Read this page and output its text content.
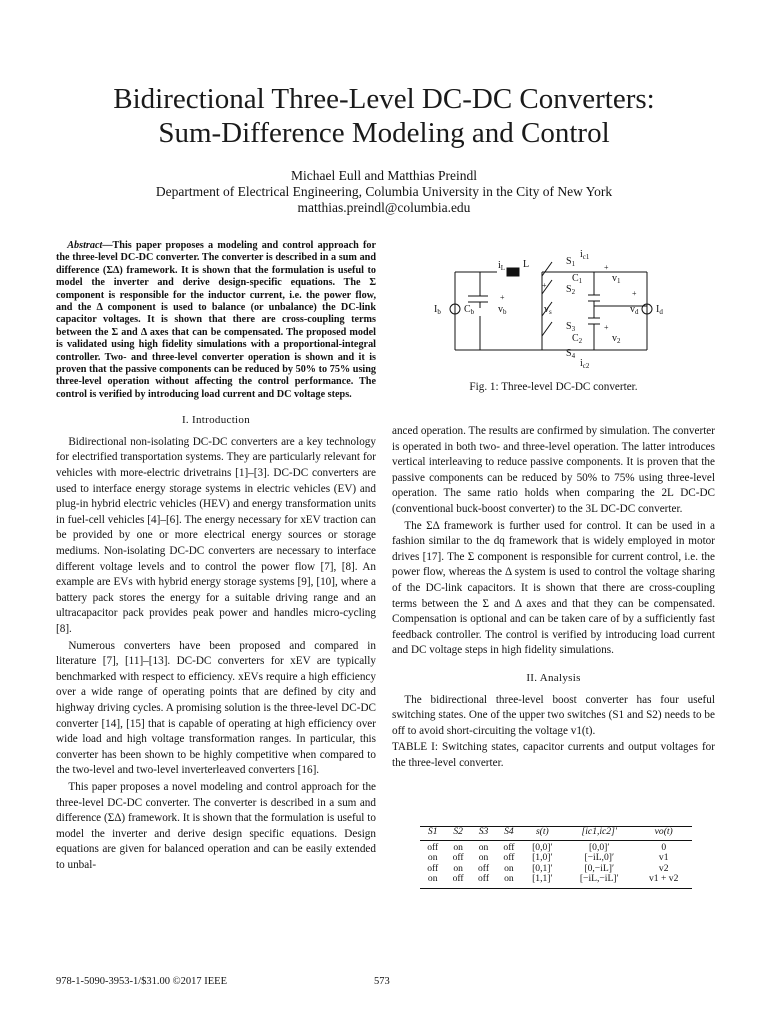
Bidirectional Three-Level DC-DC Converters:
Sum-Difference Modeling and Control
Michael Eull and Matthias Preindl
Department of Electrical Engineering, Columbia University in the City of New York
matthias.preindl@columbia.edu

Abstract—This paper proposes a modeling and control approach for the three-level DC-DC converter. The converter is described in a sum and difference (ΣΔ) framework. It is shown that the formulation is useful to model the inverter and derive design-specific equations. The Σ component is responsible for the inductor current, i.e. the power flow, and the Δ component is used to balance (or unbalance) the DC-link capacitor voltages. It is shown that there are cross-coupling terms between the Σ and Δ axes that can be compensated. The proposed model is validated using high fidelity simulations with a proportional-integral controller. Two- and three-level converter operation is shown and it is proven that the passive components can be reduced by 50% to 75% using three-level operation without affecting the control performance. The control is verified by introducing load current and DC voltage steps.

I. Introduction

Bidirectional non-isolating DC-DC converters are a key technology for electrified transportation systems. They are particularly relevant for vehicles with more-electric drivetrains [1]–[3]. DC-DC converters are used to interface energy storage systems in electric vehicles (EV) and plug-in hybrid electric vehicles (HEV) and energy transformation units in fuel-cell vehicles [4]–[6]. The energy necessary for xEV traction can be provided by one or more electrical energy sources or storage mediums. Non-isolating DC-DC converters are necessary to interface different voltage levels and to control the power flow [7], [8]. An example are EVs with hybrid energy storage systems [9], [10], where a battery pack stores the energy for a suitable driving range and an ultracapacitor pack provides peak power and handles micro-cycling [8].

Numerous converters have been proposed and compared in literature [7], [11]–[13]. DC-DC converters for xEV are typically benchmarked with respect to efficiency. xEVs require a high efficiency over a wide range of operating points that are defined by city and highway driving cycles. A promising solution is the three-level DC-DC converter [14], [15] that is capable of operating at high efficiency over wide load and high voltage transformation ranges. In particular, this converter has been shown to be highly competitive when compared to the two-level and two-level inverterleaved converters [16].

This paper proposes a novel modeling and control approach for the three-level DC-DC converter. The converter is described in a sum and difference (ΣΔ) framework. It is shown that the formulation is useful to model the inverter and derive design specific equations. Design equations are given for balanced operation and can be easily extended to unbal-

$I_b$ $C_b$ $v_b$
$i_L$ L
$v_s$
$S_1$
$S_2$
$S_3$
$S_4$
$i_{c1}$
$i_{c2}$
$C_1$
$C_2$
$v_1$
$v_2$
$v_d$ $I_d$
+
+
+
+
+
Fig. 1: Three-level DC-DC converter.

anced operation. The results are confirmed by simulation. The converter is operated in both two- and three-level operation. The latter introduces vertical interleaving to reduce passive components. It is proven that the passive components can be reduced by 50% to 75% using three-level operation. The same ratio holds when comparing the 2L DC-DC (conventional buck-boost converter) to the 3L DC-DC converter.

The ΣΔ framework is further used for control. It can be used in a fashion similar to the dq framework that is widely employed in motor drives [17]. The Σ component is responsible for current control, i.e. the power flow, whereas the Δ system is used to control the voltage sharing of the DC-link capacitors. It is shown that there are cross-coupling terms between the Σ and Δ axes and that they can be compensated. Compensation is optional and can be taken care of by a sufficiently fast feedback controller. The control is verified by introducing load current and DC voltage steps in high fidelity simulations.

II. Analysis

The bidirectional three-level boost converter has four useful switching states. One of the upper two switches (S1 and S2) needs to be off to avoid short-circuiting the voltage v1(t).

TABLE I: Switching states, capacitor currents and output voltages for the three-level converter.

S1	S2	S3	S4	s(t)	[ic1,ic2]′	vo(t)
off	on	on	off	[0,0]′	[0,0]′	0
on	off	on	off	[1,0]′	[−iL,0]′	v1
off	on	off	on	[0,1]′	[0,−iL]′	v2
on	off	off	on	[1,1]′	[−iL,−iL]′	v1 + v2
978-1-5090-3953-1/$31.00 ©2017 IEEE	573
